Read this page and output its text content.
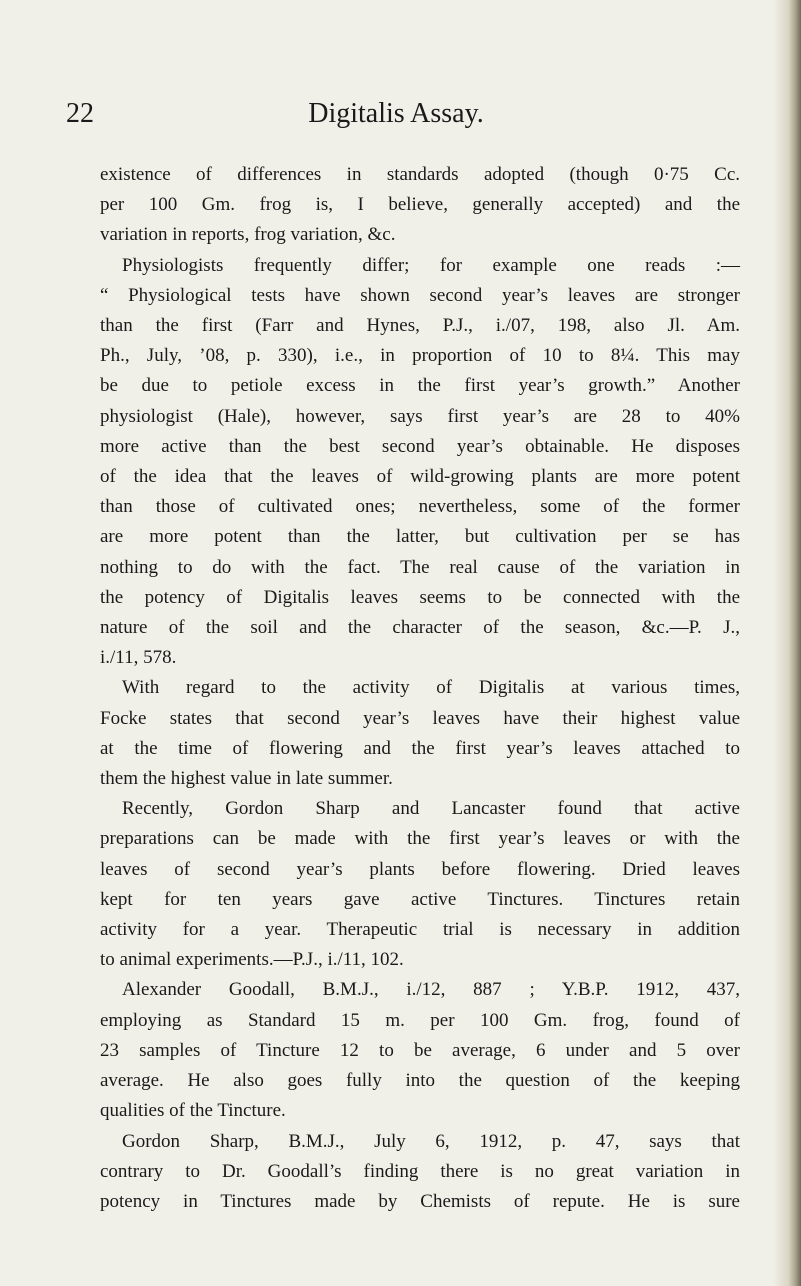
22	Digitalis Assay.

existence of differences in standards adopted (though 0·75 Cc.
per 100 Gm. frog is, I believe, generally accepted) and the
variation in reports, frog variation, &c.

Physiologists frequently differ; for example one reads :—
“ Physiological tests have shown second year’s leaves are stronger
than the first (Farr and Hynes, P.J., i./07, 198, also Jl. Am.
Ph., July, ’08, p. 330), i.e., in proportion of 10 to 8¼. This may
be due to petiole excess in the first year’s growth.” Another
physiologist (Hale), however, says first year’s are 28 to 40%
more active than the best second year’s obtainable. He disposes
of the idea that the leaves of wild-growing plants are more potent
than those of cultivated ones; nevertheless, some of the former
are more potent than the latter, but cultivation per se has
nothing to do with the fact. The real cause of the variation in
the potency of Digitalis leaves seems to be connected with the
nature of the soil and the character of the season, &c.—P. J.,
i./11, 578.

With regard to the activity of Digitalis at various times,
Focke states that second year’s leaves have their highest value
at the time of flowering and the first year’s leaves attached to
them the highest value in late summer.

Recently, Gordon Sharp and Lancaster found that active
preparations can be made with the first year’s leaves or with the
leaves of second year’s plants before flowering. Dried leaves
kept for ten years gave active Tinctures. Tinctures retain
activity for a year. Therapeutic trial is necessary in addition
to animal experiments.—P.J., i./11, 102.

Alexander Goodall, B.M.J., i./12, 887 ; Y.B.P. 1912, 437,
employing as Standard 15 m. per 100 Gm. frog, found of
23 samples of Tincture 12 to be average, 6 under and 5 over
average. He also goes fully into the question of the keeping
qualities of the Tincture.

Gordon Sharp, B.M.J., July 6, 1912, p. 47, says that
contrary to Dr. Goodall’s finding there is no great variation in
potency in Tinctures made by Chemists of repute. He is sure
